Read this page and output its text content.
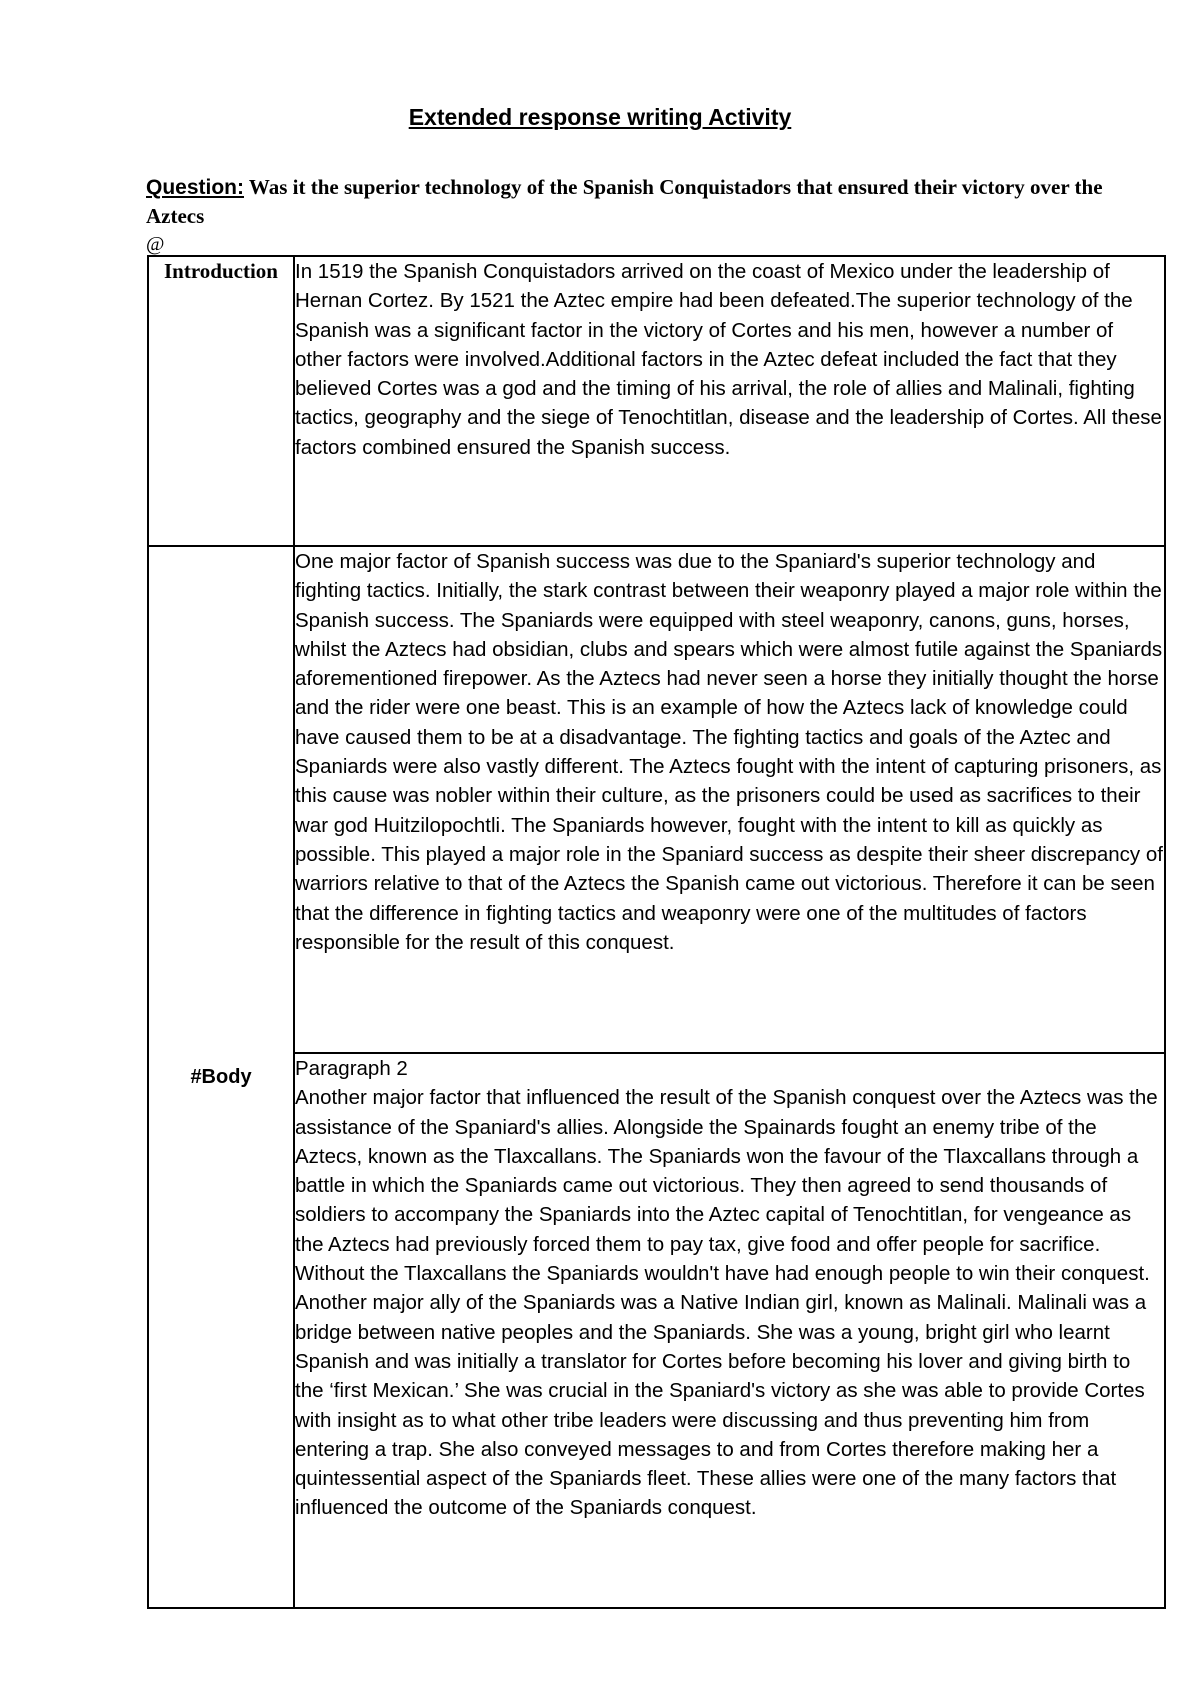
Extended response writing Activity

Question: Was it the superior technology of the Spanish Conquistadors that ensured their victory over the Aztecs

@

Introduction	In 1519 the Spanish Conquistadors arrived on the coast of Mexico under the leadership of Hernan Cortez. By 1521 the Aztec empire had been defeated.The superior technology of the Spanish was a significant factor in the victory of Cortes and his men, however a number of other factors were involved.Additional factors in the Aztec defeat included the fact that they believed Cortes was a god and the timing of his arrival, the role of allies and Malinali, fighting tactics, geography and the siege of Tenochtitlan, disease and the leadership of Cortes. All these factors combined ensured the Spanish success.

#Body	One major factor of Spanish success was due to the Spaniard's superior technology and fighting tactics. Initially, the stark contrast between their weaponry played a major role within the Spanish success. The Spaniards were equipped with steel weaponry, canons, guns, horses, whilst the Aztecs had obsidian, clubs and spears which were almost futile against the Spaniards aforementioned firepower. As the Aztecs had never seen a horse they initially thought the horse and the rider were one beast. This is an example of how the Aztecs lack of knowledge could have caused them to be at a disadvantage. The fighting tactics and goals of the Aztec and Spaniards were also vastly different. The Aztecs fought with the intent of capturing prisoners, as this cause was nobler within their culture, as the prisoners could be used as sacrifices to their war god Huitzilopochtli. The Spaniards however, fought with the intent to kill as quickly as possible. This played a major role in the Spaniard success as despite their sheer discrepancy of warriors relative to that of the Aztecs the Spanish came out victorious. Therefore it can be seen that the difference in fighting tactics and weaponry were one of the multitudes of factors responsible for the result of this conquest.

	Paragraph 2

Another major factor that influenced the result of the Spanish conquest over the Aztecs was the assistance of the Spaniard's allies. Alongside the Spainards fought an enemy tribe of the Aztecs, known as the Tlaxcallans. The Spaniards won the favour of the Tlaxcallans through a battle in which the Spaniards came out victorious. They then agreed to send thousands of soldiers to accompany the Spaniards into the Aztec capital of Tenochtitlan, for vengeance as the Aztecs had previously forced them to pay tax, give food and offer people for sacrifice. Without the Tlaxcallans the Spaniards wouldn't have had enough people to win their conquest. Another major ally of the Spaniards was a Native Indian girl, known as Malinali. Malinali was a bridge between native peoples and the Spaniards. She was a young, bright girl who learnt Spanish and was initially a translator for Cortes before becoming his lover and giving birth to the ‘first Mexican.’ She was crucial in the Spaniard's victory as she was able to provide Cortes with insight as to what other tribe leaders were discussing and thus preventing him from entering a trap. She also conveyed messages to and from Cortes therefore making her a quintessential aspect of the Spaniards fleet. These allies were one of the many factors that influenced the outcome of the Spaniards conquest.
